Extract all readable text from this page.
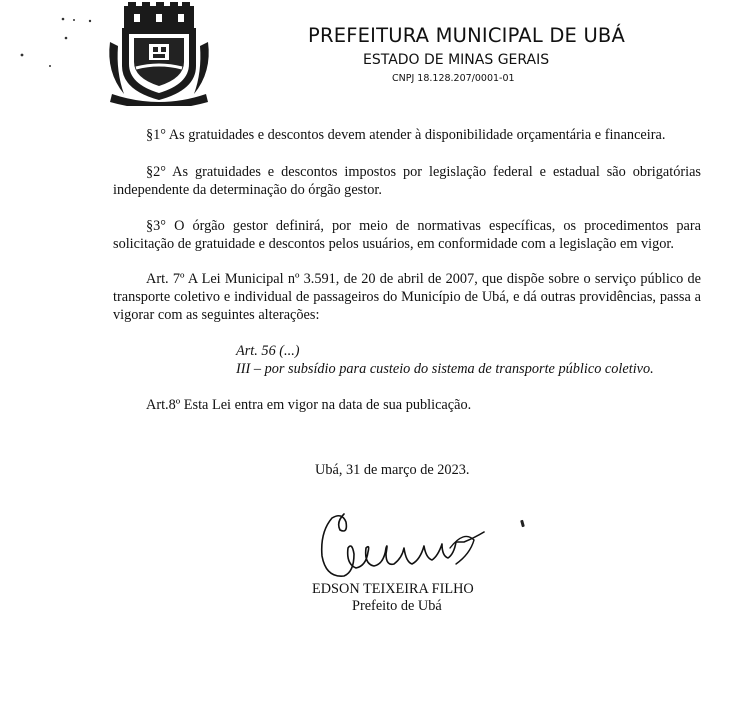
PREFEITURA MUNICIPAL DE UBÁ
ESTADO DE MINAS GERAIS
CNPJ 18.128.207/0001-01

§1° As gratuidades e descontos devem atender à disponibilidade orçamentária e financeira.

§2° As gratuidades e descontos impostos por legislação federal e estadual são obrigatórias independente da determinação do órgão gestor.

§3° O órgão gestor definirá, por meio de normativas específicas, os procedimentos para solicitação de gratuidade e descontos pelos usuários, em conformidade com a legislação em vigor.

Art. 7º A Lei Municipal nº 3.591, de 20 de abril de 2007, que dispõe sobre o serviço público de transporte coletivo e individual de passageiros do Município de Ubá, e dá outras providências, passa a vigorar com as seguintes alterações:

Art. 56 (...)
III – por subsídio para custeio do sistema de transporte público coletivo.
Art.8º Esta Lei entra em vigor na data de sua publicação.
Ubá, 31 de março de 2023.
EDSON TEIXEIRA FILHO
Prefeito de Ubá
